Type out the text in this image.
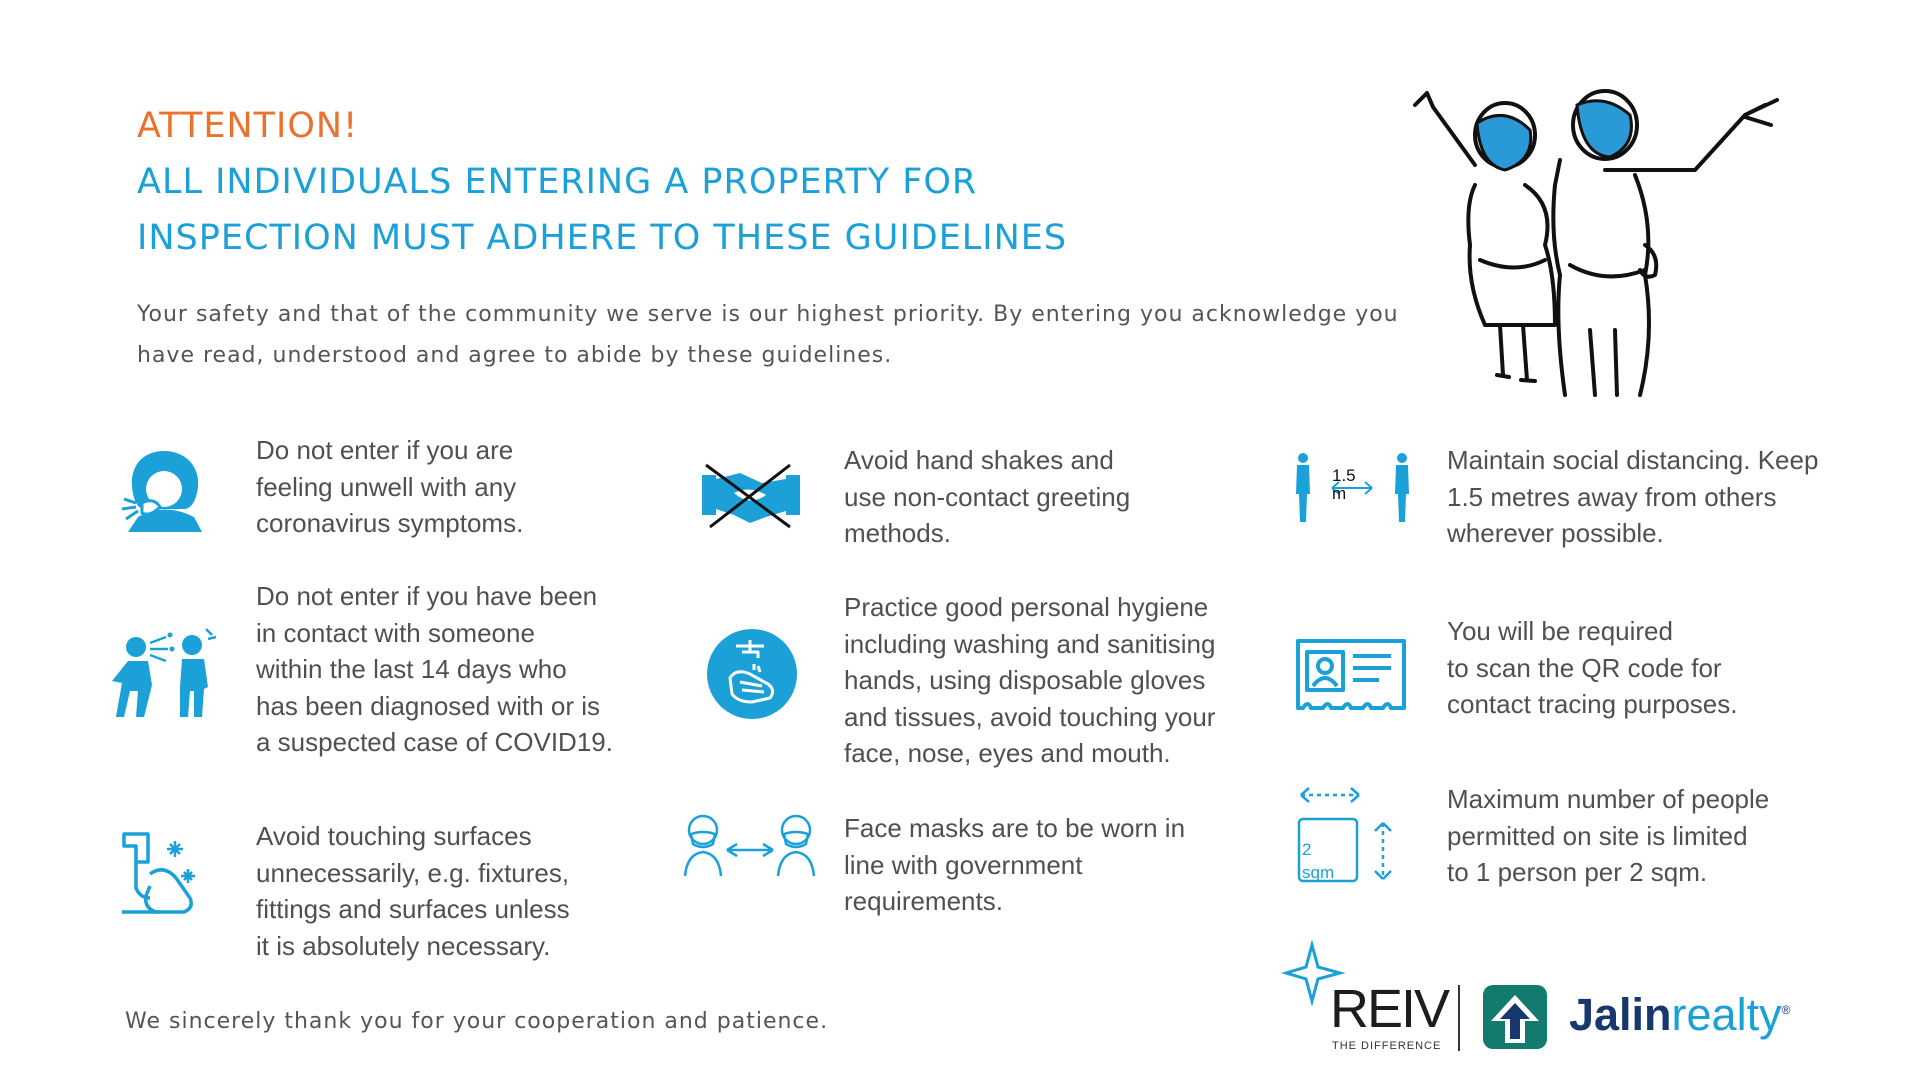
ATTENTION!
ALL INDIVIDUALS ENTERING A PROPERTY FOR
INSPECTION MUST ADHERE TO THESE GUIDELINES
Your safety and that of the community we serve is our highest priority. By entering you acknowledge you have read, understood and agree to abide by these guidelines.
Do not enter if you are
feeling unwell with any
coronavirus symptoms.
Do not enter if you have been
in contact with someone
within the last 14 days who
has been diagnosed with or is
a suspected case of COVID19.
Avoid touching surfaces
unnecessarily, e.g. fixtures,
fittings and surfaces unless
it is absolutely necessary.
Avoid hand shakes and
use non-contact greeting
methods.
Practice good personal hygiene
including washing and sanitising
hands, using disposable gloves
and tissues, avoid touching your
face, nose, eyes and mouth.
Face masks are to be worn in
line with government
requirements.
1.5
m
Maintain social distancing. Keep
1.5 metres away from others
wherever possible.
You will be required
to scan the QR code for
contact tracing purposes.
2
sqm
Maximum number of people
permitted on site is limited
to 1 person per 2 sqm.
We sincerely thank you for your cooperation and patience.	REIV
THE DIFFERENCE
Jalinrealty®
